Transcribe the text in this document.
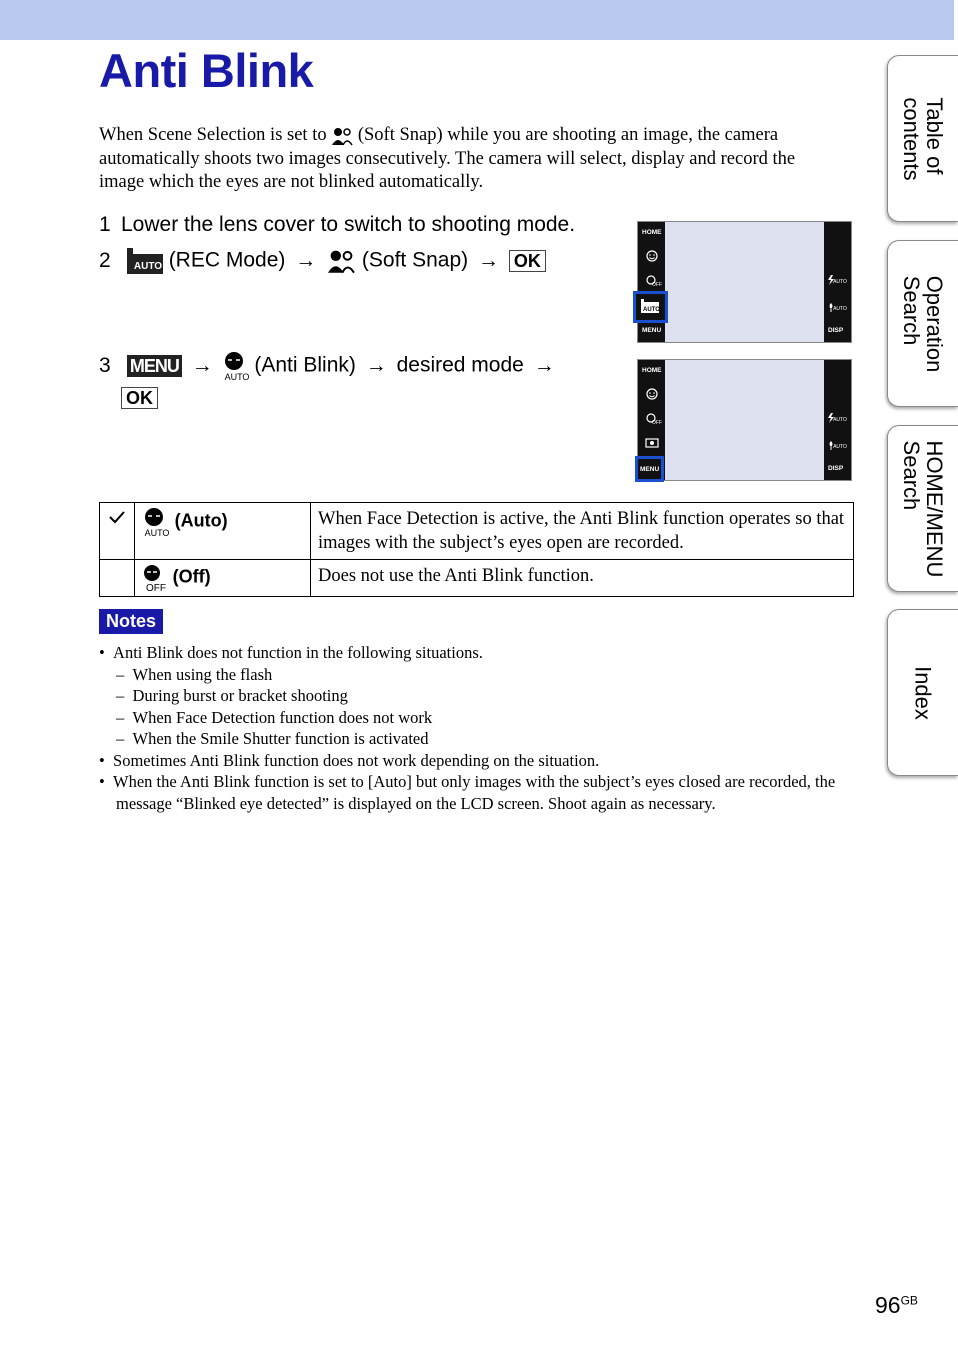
Anti Blink
When Scene Selection is set to  (Soft Snap) while you are shooting an image, the camera automatically shoots two images consecutively. The camera will select, display and record the image which the eyes are not blinked automatically.
1 Lower the lens cover to switch to shooting mode.
2 AUTO (REC Mode) → (Soft Snap) → OK
3 MENU →
AUTO
(Anti Blink) → desired mode →
OK
HOME
OFF
MENU
AUTO
AUTO
DISP
AUTO
HOME
OFF	AUTO
AUTO
DISP
MENU

AUTO
(Auto)	When Face Detection is active, the Anti Blink function operates so that images with the subject’s eyes open are recorded.

OFF
(Off)	Does not use the Anti Blink function.
Notes
•  Anti Blink does not function in the following situations.
–  When using the flash
–  During burst or bracket shooting
–  When Face Detection function does not work
–  When the Smile Shutter function is activated
•  Sometimes Anti Blink function does not work depending on the situation.
•  When the Anti Blink function is set to [Auto] but only images with the subject’s eyes closed are recorded, the message “Blinked eye detected” is displayed on the LCD screen. Shoot again as necessary.
Table of
contents
Operation
Search
HOME/MENU
Search
Index
$96^{GB}$
